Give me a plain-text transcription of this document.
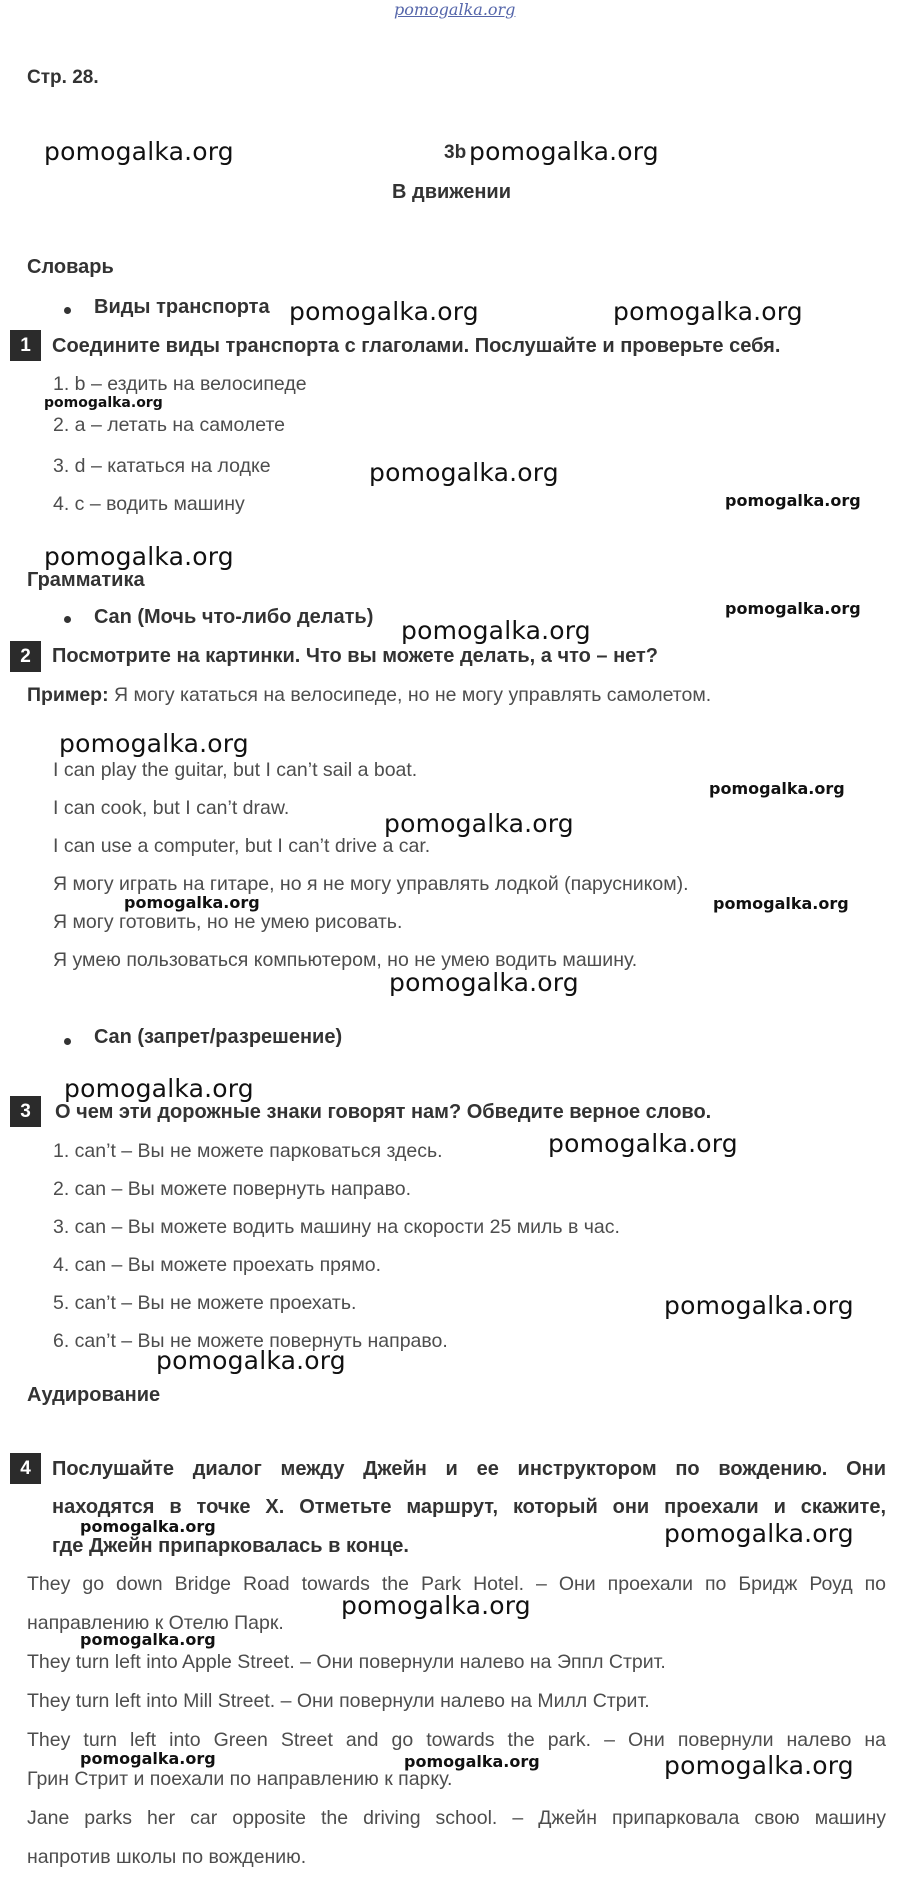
pomogalka.org
Стр. 28.
pomogalka.org	3b pomogalka.org
В движении
Словарь
Виды транспорта pomogalka.org	pomogalka.org
1	Соедините виды транспорта с глаголами. Послушайте и проверьте себя.
1. b – ездить на велосипеде
pomogalka.org
2. a – летать на самолете
3. d – кататься на лодке	pomogalka.org
4. c – водить машину	pomogalka.org
pomogalka.org
Грамматика
pomogalka.org
Can (Мочь что-либо делать) pomogalka.org
2	Посмотрите на картинки. Что вы можете делать, а что – нет?
Пример: Я могу кататься на велосипеде, но не могу управлять самолетом.
pomogalka.org
I can play the guitar, but I can’t sail a boat.
pomogalka.org
I can cook, but I can’t draw.
pomogalka.org
I can use a computer, but I can’t drive a car.
Я могу играть на гитаре, но я не могу управлять лодкой (парусником).
pomogalka.org	pomogalka.org
Я могу готовить, но не умею рисовать.
Я умею пользоваться компьютером, но не умею водить машину.
pomogalka.org
Can (запрет/разрешение)
pomogalka.org
3	О чем эти дорожные знаки говорят нам? Обведите верное слово.
pomogalka.org
1. can’t – Вы не можете парковаться здесь.
2. can – Вы можете повернуть направо.
3. can – Вы можете водить машину на скорости 25 миль в час.
4. can – Вы можете проехать прямо.
pomogalka.org
5. can’t – Вы не можете проехать.
6. can’t – Вы не можете повернуть направо.
pomogalka.org
Аудирование
4	Послушайте диалог между Джейн и ее инструктором по вождению. Они
находятся в точке X. Отметьте маршрут, который они проехали и скажите,
pomogalka.org	pomogalka.org
где Джейн припарковалась в конце.
They go down Bridge Road towards the Park Hotel. – Они проехали по Бридж Роуд по
pomogalka.org
направлению к Отелю Парк.
pomogalka.org
They turn left into Apple Street. – Они повернули налево на Эппл Стрит.
They turn left into Mill Street. – Они повернули налево на Милл Стрит.
They turn left into Green Street and go towards the park. – Они повернули налево на
pomogalka.org	pomogalka.org	pomogalka.org
Грин Стрит и поехали по направлению к парку.
Jane parks her car opposite the driving school. – Джейн припарковала свою машину
напротив школы по вождению.
